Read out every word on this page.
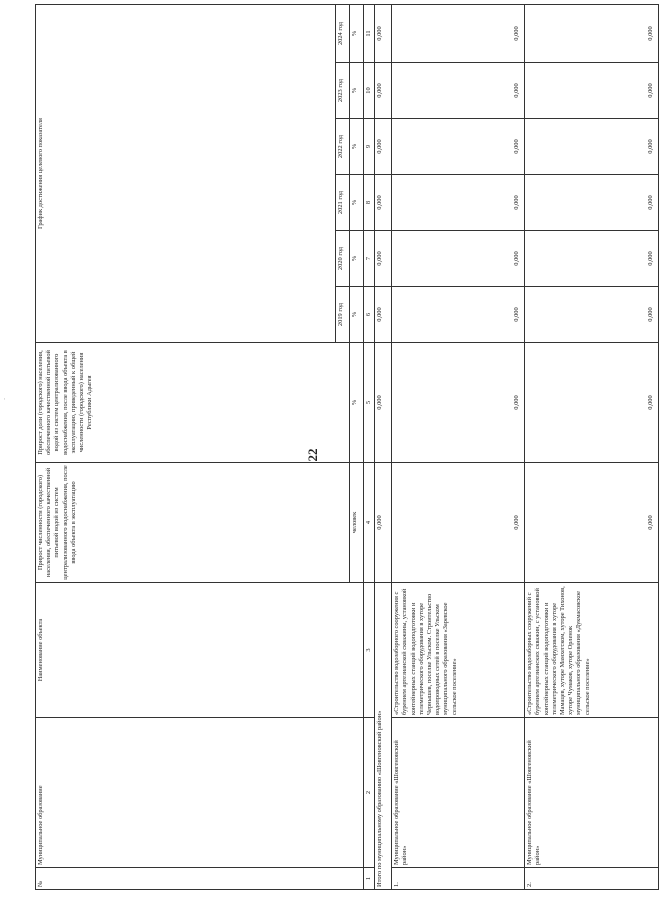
22
·
№	Муниципальное образование	Наименование объекта	Прирост численности (городского) населения, обеспеченного качественной питьевой водой из систем централизованного водоснабжения, после ввода объекта в эксплуатацию	Прирост доли (городского) населения, обеспеченного качественной питьевой водой из систем централизованного водоснабжения, после ввода объекта в эксплуатацию, приведенный к общей численности (городского) населения Республики Адыгея	График достижения целевого показателя					
					2019 год	2020 год	2021 год	2022 год	2023 год	2024 год
			человек	%	%	%	%	%	%	%
1	2	3	4	5	6	7	8	9	10	11
Итого по муниципальному образованию «Шовгеновский район»			0,000	0,000	0,000	0,000	0,000	0,000	0,000	0,000
1.	Муниципальное образование «Шовгеновский район»	«Строительство водозаборного сооружения с бурением артезианской скважины, установкой контейнерных станций водоподготовки и телеметрического оборудования в хуторе Чернышев, поселке Ульском. Строительство водопроводных сетей в поселке Ульском муниципального образования «Заревское сельское поселение»	0,000	0,000	0,000	0,000	0,000	0,000	0,000	0,000
2.	Муниципальное образование «Шовгеновский район»	«Строительство водозаборных сооружений с бурением артезианских скважин, с установкой контейнерных станций водоподготовки и телеметрического оборудования в хуторе Мамацев, хуторе Мамхегском, хуторе Тихонов, хуторе Чумаков, хуторе Орленок муниципального образования «Дукмасовское сельское поселение»	0,000	0,000	0,000	0,000	0,000	0,000	0,000	0,000
